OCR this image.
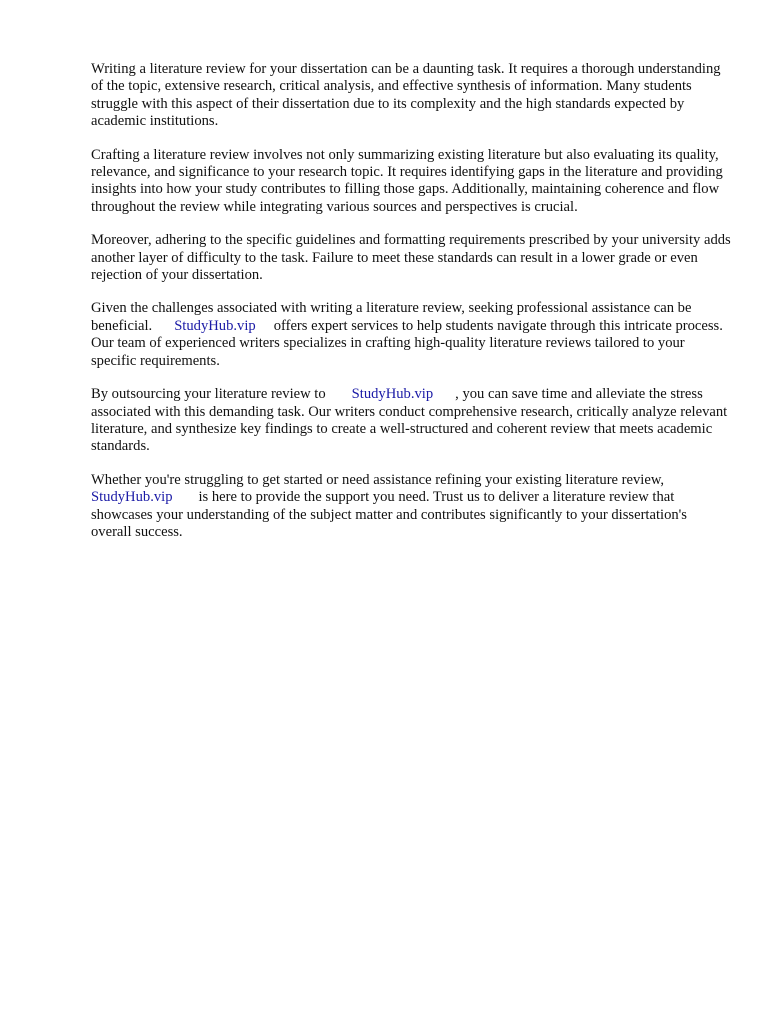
Writing a literature review for your dissertation can be a daunting task. It requires a thorough understanding of the topic, extensive research, critical analysis, and effective synthesis of information. Many students struggle with this aspect of their dissertation due to its complexity and the high standards expected by academic institutions.

Crafting a literature review involves not only summarizing existing literature but also evaluating its quality, relevance, and significance to your research topic. It requires identifying gaps in the literature and providing insights into how your study contributes to filling those gaps. Additionally, maintaining coherence and flow throughout the review while integrating various sources and perspectives is crucial.

Moreover, adhering to the specific guidelines and formatting requirements prescribed by your university adds another layer of difficulty to the task. Failure to meet these standards can result in a lower grade or even rejection of your dissertation.

Given the challenges associated with writing a literature review, seeking professional assistance can be beneficial. StudyHub.vip offers expert services to help students navigate through this intricate process. Our team of experienced writers specializes in crafting high-quality literature reviews tailored to your specific requirements.

By outsourcing your literature review to StudyHub.vip , you can save time and alleviate the stress associated with this demanding task. Our writers conduct comprehensive research, critically analyze relevant literature, and synthesize key findings to create a well-structured and coherent review that meets academic standards.

Whether you're struggling to get started or need assistance refining your existing literature review, StudyHub.vip is here to provide the support you need. Trust us to deliver a literature review that showcases your understanding of the subject matter and contributes significantly to your dissertation's overall success.
